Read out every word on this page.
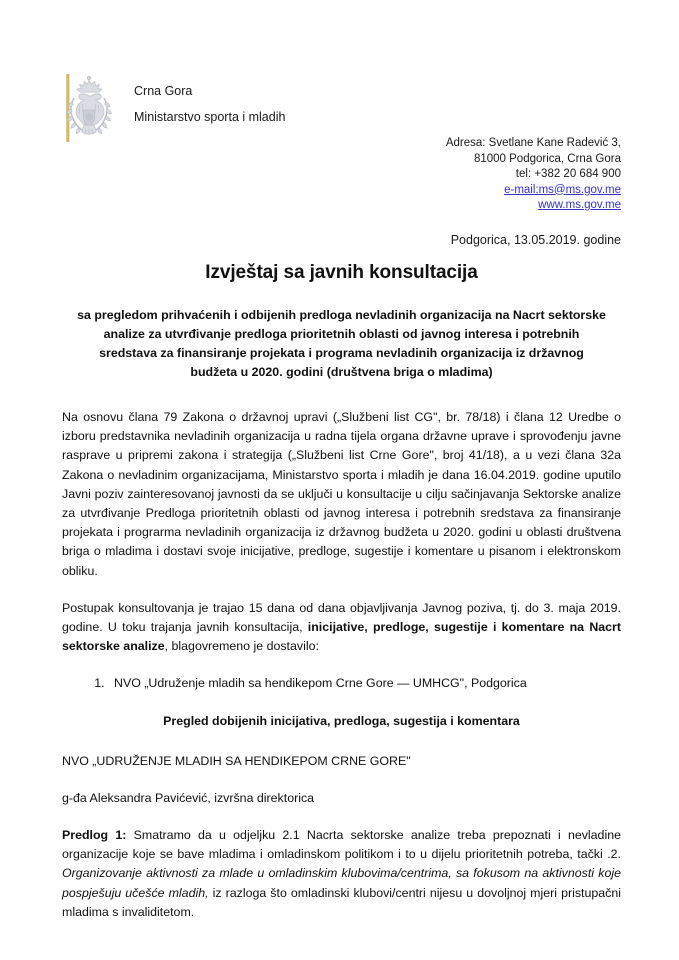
Crna Gora
Ministarstvo sporta i mladih
Adresa: Svetlane Kane Radević 3,
81000 Podgorica, Crna Gora
tel: +382 20 684 900
e-mail:ms@ms.gov.me
www.ms.gov.me
Podgorica, 13.05.2019. godine
Izvještaj sa javnih konsultacija
sa pregledom prihvaćenih i odbijenih predloga nevladinih organizacija na Nacrt sektorske analize za utvrđivanje predloga prioritetnih oblasti od javnog interesa i potrebnih sredstava za finansiranje projekata i programa nevladinih organizacija iz državnog budžeta u 2020. godini (društvena briga o mladima)

Na osnovu člana 79 Zakona o državnoj upravi („Službeni list CG", br. 78/18) i člana 12 Uredbe o izboru predstavnika nevladinih organizacija u radna tijela organa državne uprave i sprovođenju javne rasprave u pripremi zakona i strategija („Službeni list Crne Gore", broj 41/18), a u vezi člana 32a Zakona o nevladinim organizacijama, Ministarstvo sporta i mladih je dana 16.04.2019. godine uputilo Javni poziv zainteresovanoj javnosti da se uključi u konsultacije u cilju sačinjavanja Sektorske analize za utvrđivanje Predloga prioritetnih oblasti od javnog interesa i potrebnih sredstava za finansiranje projekata i prograrma nevladinih organizacija iz državnog budžeta u 2020. godini u oblasti društvena briga o mladima i dostavi svoje inicijative, predloge, sugestije i komentare u pisanom i elektronskom obliku.

Postupak konsultovanja je trajao 15 dana od dana objavljivanja Javnog poziva, tj. do 3. maja 2019. godine. U toku trajanja javnih konsultacija, inicijative, predloge, sugestije i komentare na Nacrt sektorske analize, blagovremeno je dostavilo:

1. NVO „Udruženje mladih sa hendikepom Crne Gore — UMHCG", Podgorica
Pregled dobijenih inicijativa, predloga, sugestija i komentara

NVO „UDRUŽENJE MLADIH SA HENDIKEPOM CRNE GORE"

g-đa Aleksandra Pavićević, izvršna direktorica

Predlog 1: Smatramo da u odjeljku 2.1 Nacrta sektorske analize treba prepoznati i nevladine organizacije koje se bave mladima i omladinskom politikom i to u dijelu prioritetnih potreba, tački .2. Organizovanje aktivnosti za mlade u omladinskim klubovima/centrima, sa fokusom na aktivnosti koje pospješuju učešće mladih, iz razloga što omladinski klubovi/centri nijesu u dovoljnoj mjeri pristupačni mladima s invaliditetom.
